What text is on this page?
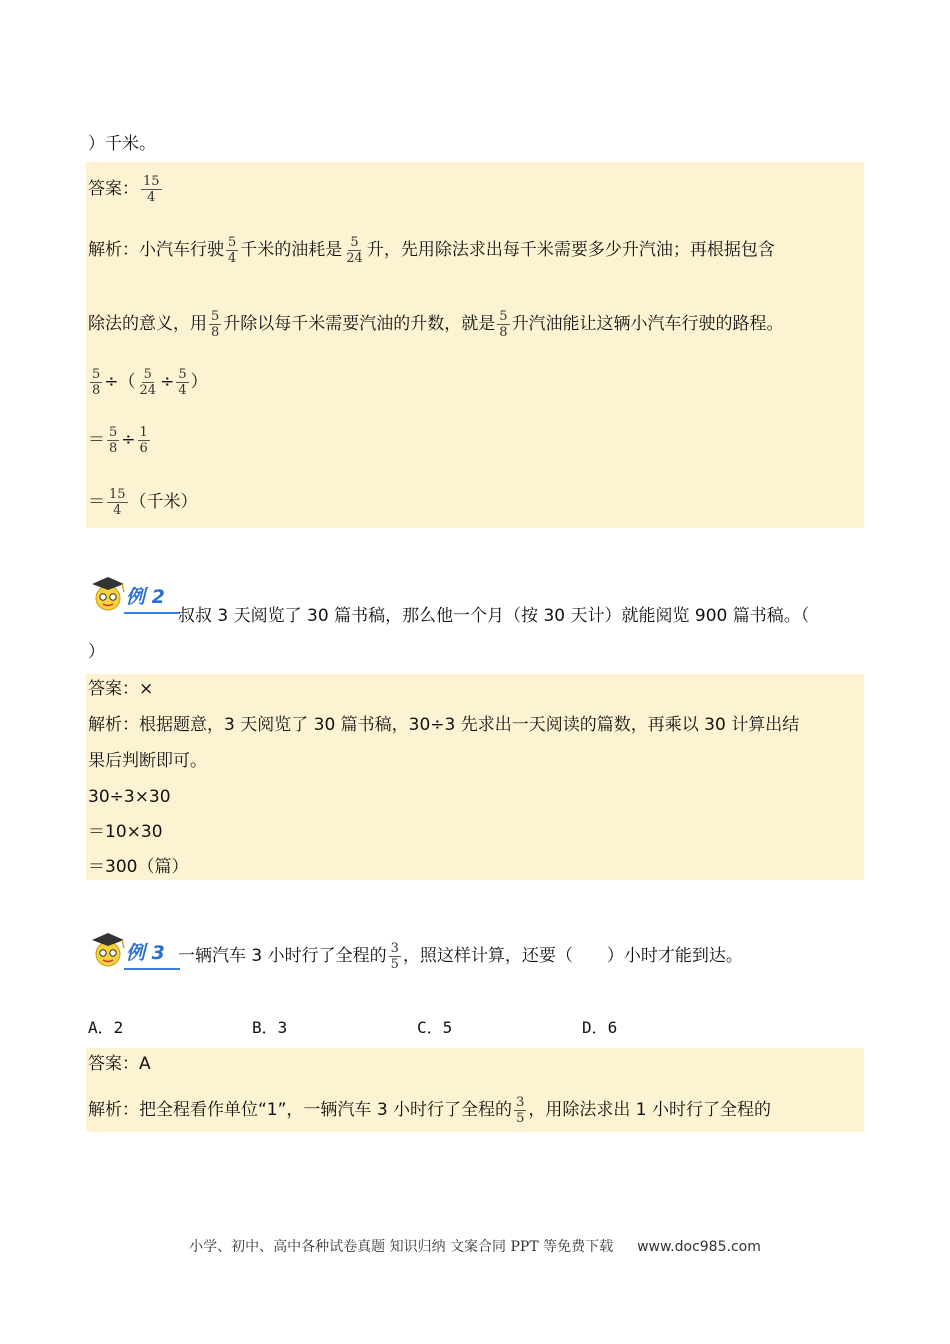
）千米。
答案： $\frac{15}{4}$
解析：小汽车行驶 $\frac{5}{4}$ 千米的油耗是 $\frac{5}{24}$ 升，先用除法求出每千米需要多少升汽油；再根据包含
除法的意义，用 $\frac{5}{8}$ 升除以每千米需要汽油的升数，就是 $\frac{5}{8}$ 升汽油能让这辆小汽车行驶的路程。
$\frac{5}{8}$ ÷（ $\frac{5}{24} \div \frac{5}{4}$ ）
＝ $\frac{5}{8} \div \frac{1}{6}$
＝ $\frac{15}{4}$ （千米）
例 2
叔叔 3 天阅览了 30 篇书稿，那么他一个月（按 30 天计）就能阅览 900 篇书稿。（
）
答案：×
解析：根据题意，3 天阅览了 30 篇书稿，30÷3 先求出一天阅读的篇数，再乘以 30 计算出结
果后判断即可。
30÷3×30
＝10×30
＝300（篇）
例 3 一辆汽车 3 小时行了全程的 $\frac{3}{5}$ ，照这样计算，还要（　　）小时才能到达。
A．2	B．3	C．5	D．6
答案：A
解析：把全程看作单位“1”，一辆汽车 3 小时行了全程的 $\frac{3}{5}$ ，用除法求出 1 小时行了全程的
小学、初中、高中各种试卷真题 知识归纳 文案合同 PPT 等免费下载 www.doc985.com
